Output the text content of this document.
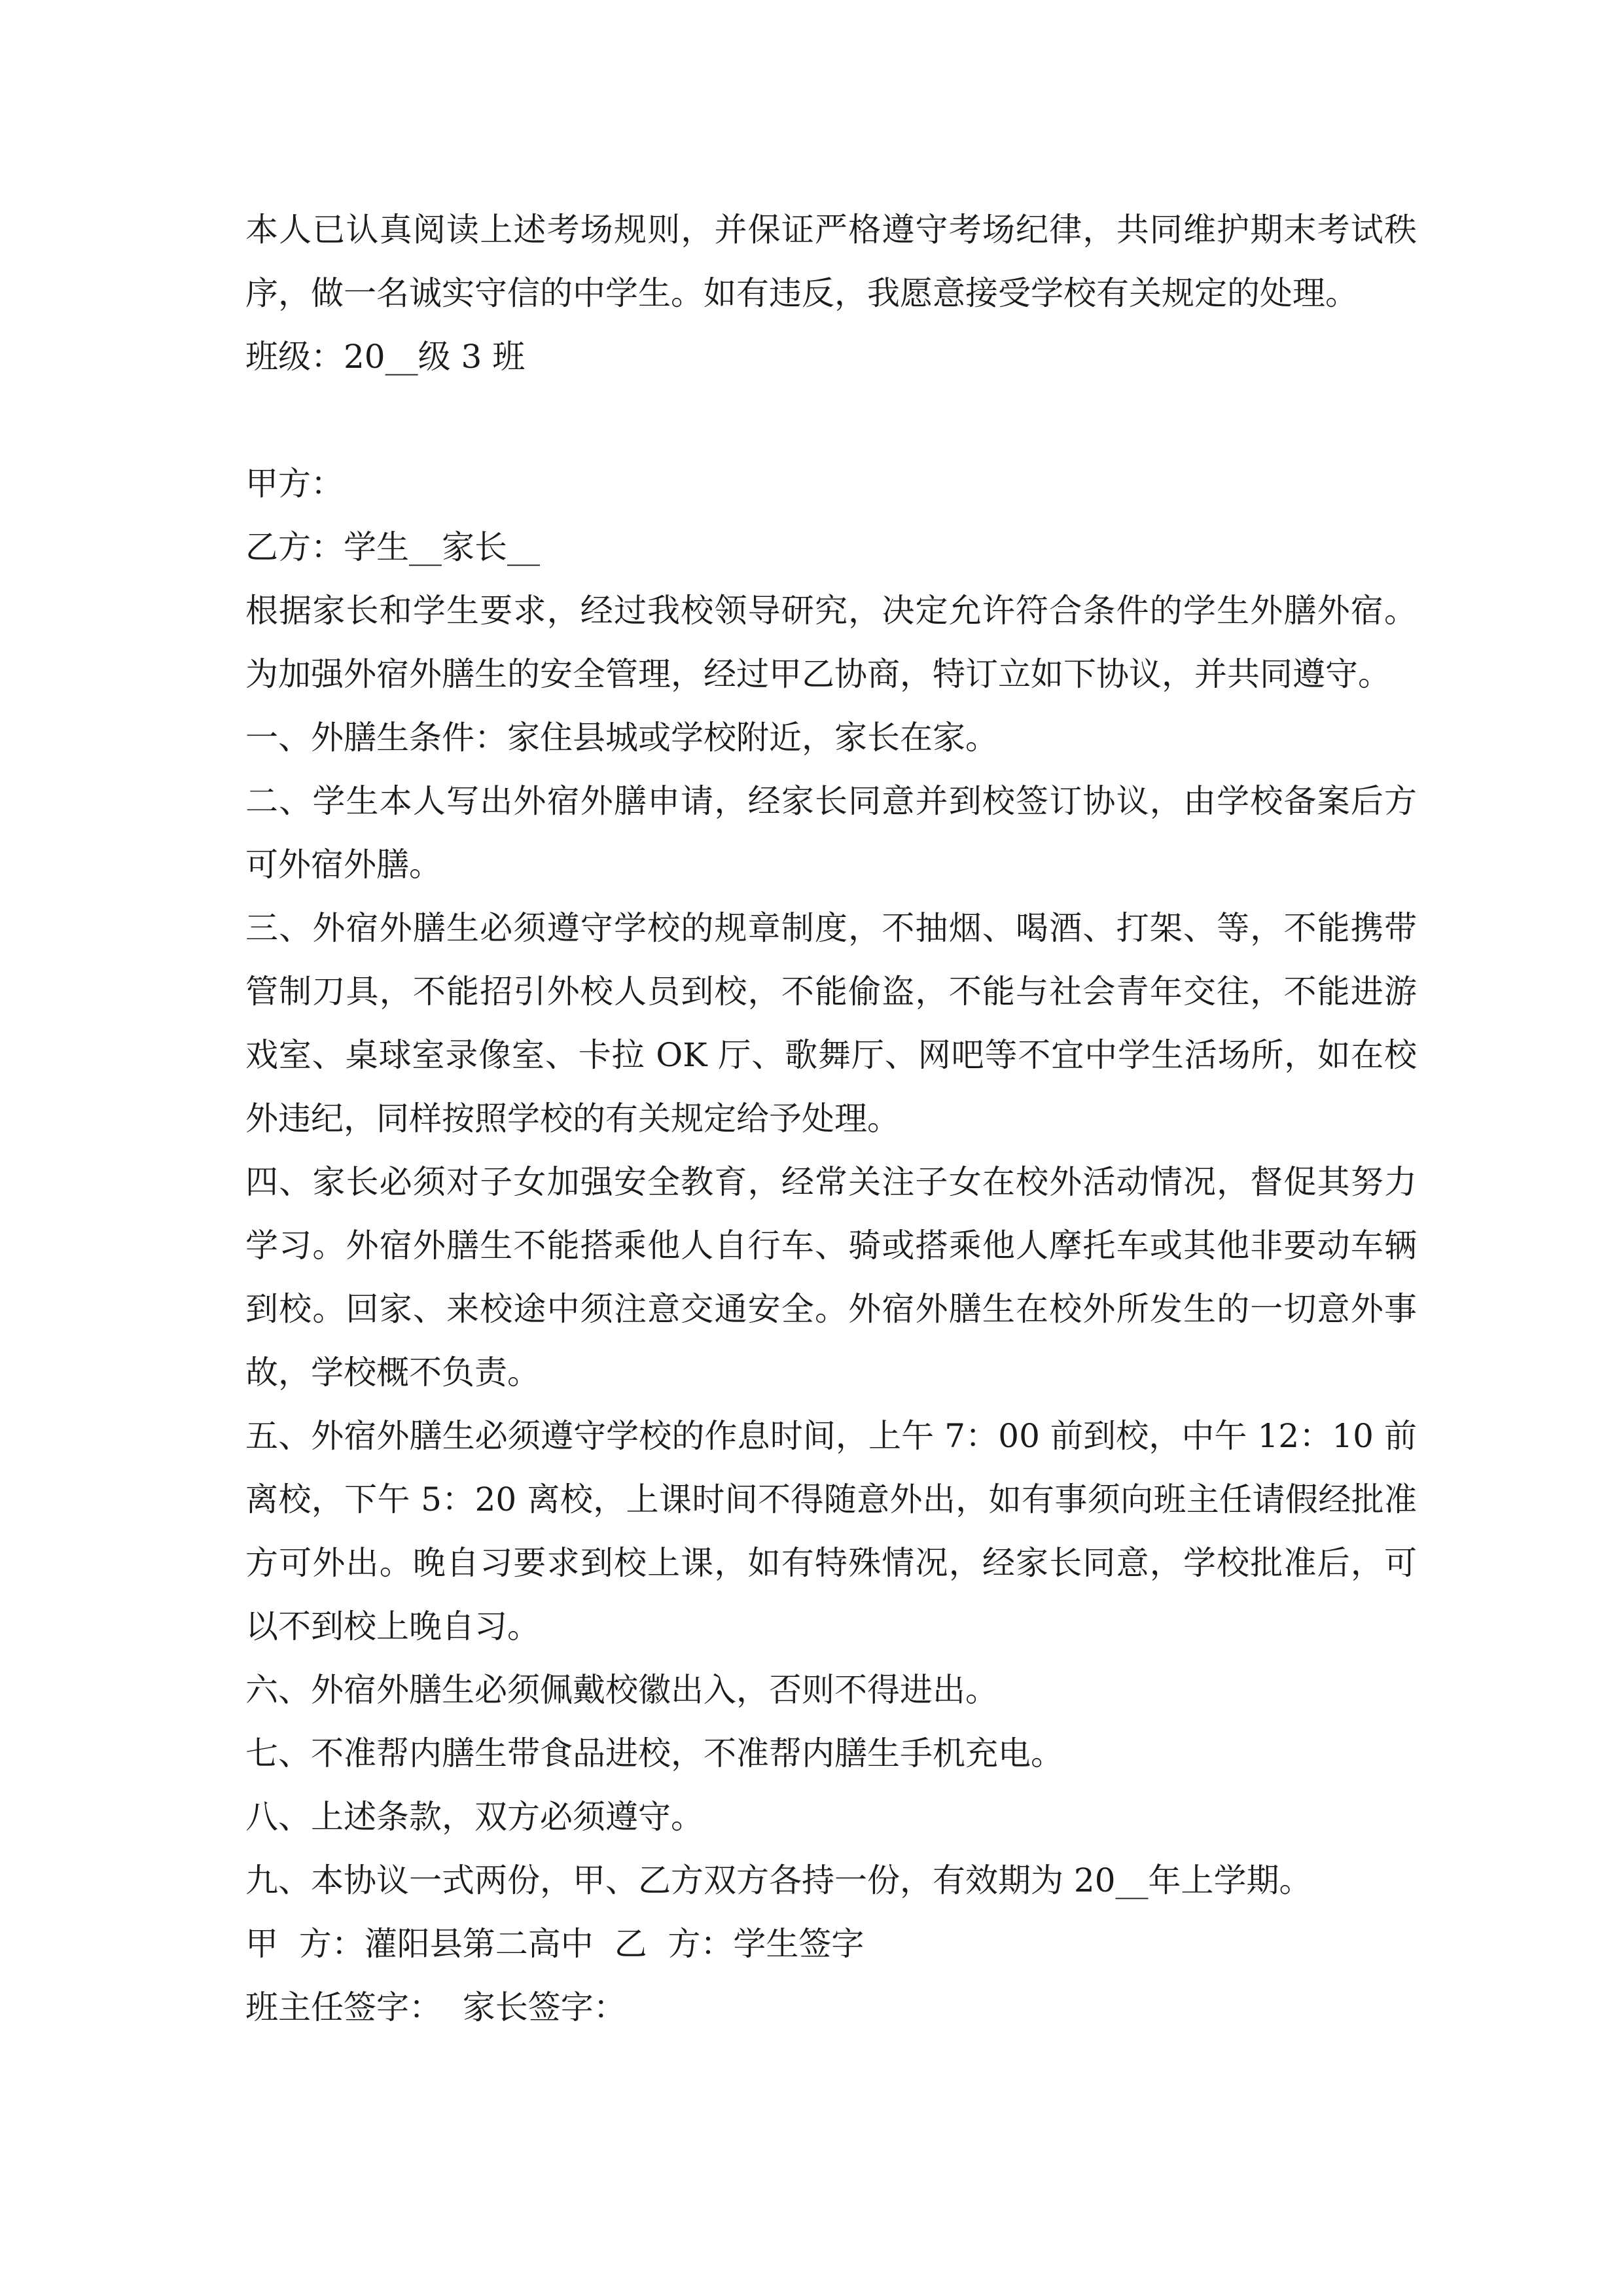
本人已认真阅读上述考场规则，并保证严格遵守考场纪律，共同维护期末考试秩序，做一名诚实守信的中学生。如有违反，我愿意接受学校有关规定的处理。

班级：20__级 3 班

甲方：

乙方：学生__家长__

根据家长和学生要求，经过我校领导研究，决定允许符合条件的学生外膳外宿。为加强外宿外膳生的安全管理，经过甲乙协商，特订立如下协议，并共同遵守。

一、外膳生条件：家住县城或学校附近，家长在家。

二、学生本人写出外宿外膳申请，经家长同意并到校签订协议，由学校备案后方可外宿外膳。

三、外宿外膳生必须遵守学校的规章制度，不抽烟、喝酒、打架、等，不能携带管制刀具，不能招引外校人员到校，不能偷盗，不能与社会青年交往，不能进游戏室、桌球室录像室、卡拉 OK 厅、歌舞厅、网吧等不宜中学生活场所，如在校外违纪，同样按照学校的有关规定给予处理。

四、家长必须对子女加强安全教育，经常关注子女在校外活动情况，督促其努力学习。外宿外膳生不能搭乘他人自行车、骑或搭乘他人摩托车或其他非要动车辆到校。回家、来校途中须注意交通安全。外宿外膳生在校外所发生的一切意外事故，学校概不负责。

五、外宿外膳生必须遵守学校的作息时间，上午 7：00 前到校，中午 12：10 前离校，下午 5：20 离校，上课时间不得随意外出，如有事须向班主任请假经批准方可外出。晚自习要求到校上课，如有特殊情况，经家长同意，学校批准后，可以不到校上晚自习。

六、外宿外膳生必须佩戴校徽出入，否则不得进出。

七、不准帮内膳生带食品进校，不准帮内膳生手机充电。

八、上述条款，双方必须遵守。

九、本协议一式两份，甲、乙方双方各持一份，有效期为 20__年上学期。

甲  方：灌阳县第二高中  乙  方：学生签字

班主任签字：  家长签字：
